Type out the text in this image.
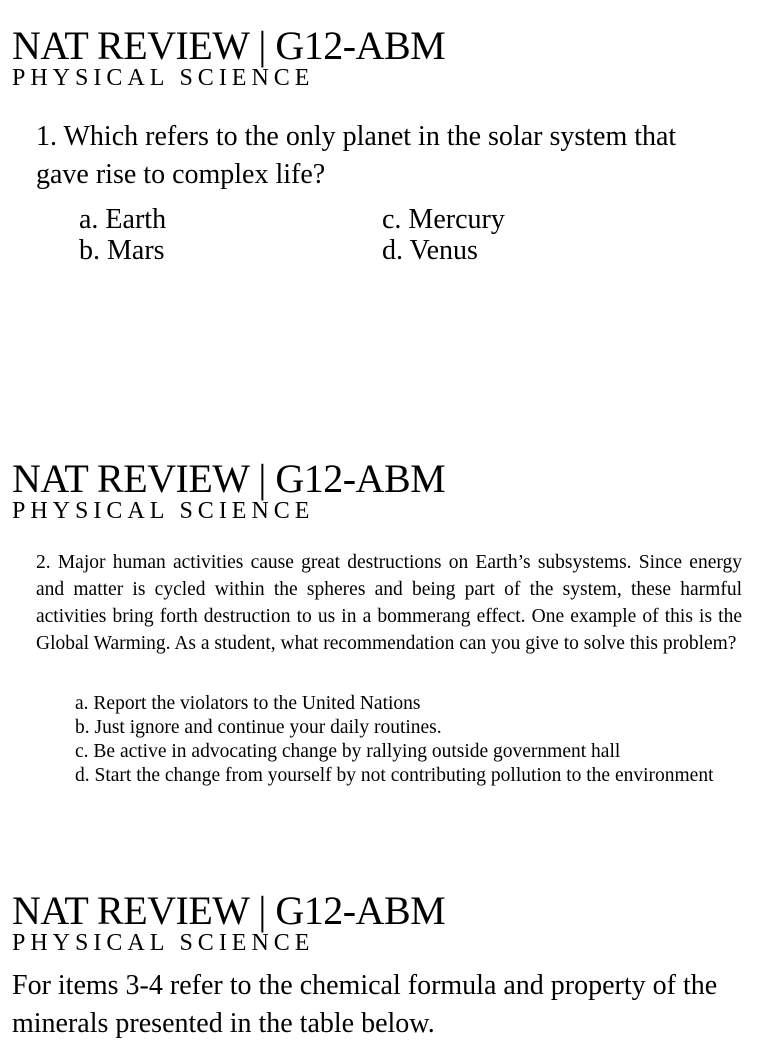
NAT REVIEW | G12-ABM
PHYSICAL SCIENCE
1. Which refers to the only planet in the solar system that gave rise to complex life?
a. Earth
b. Mars
c. Mercury
d. Venus
NAT REVIEW | G12-ABM
PHYSICAL SCIENCE
2. Major human activities cause great destructions on Earth’s subsystems. Since energy and matter is cycled within the spheres and being part of the system, these harmful activities bring forth destruction to us in a bommerang effect. One example of this is the Global Warming. As a student, what recommendation can you give to solve this problem?
a. Report the violators to the United Nations
b. Just ignore and continue your daily routines.
c. Be active in advocating change by rallying outside government hall
d. Start the change from yourself by not contributing pollution to the environment
NAT REVIEW | G12-ABM
PHYSICAL SCIENCE
For items 3-4 refer to the chemical formula and property of the minerals presented in the table below.
